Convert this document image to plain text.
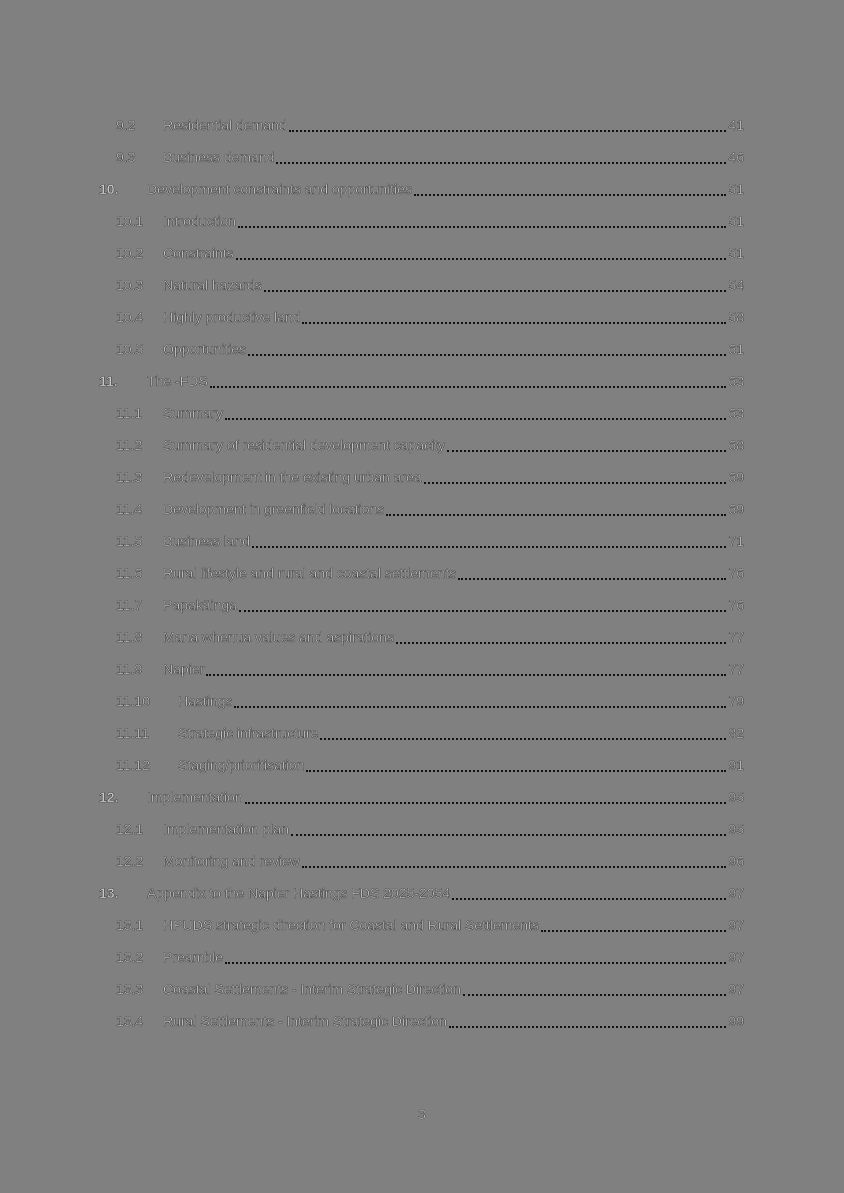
9.2	Residential demand	41
9.3	Business demand	46
10.	Development constraints and opportunities	51
10.1	Introduction	51
10.2	Constraints	51
10.3	Natural hazards	54
10.4	Highly productive land	58
10.5	Opportunities	61
11.	The -FDS	63
11.1	Summary	63
11.2	Summary of residential development capacity	68
11.3	Redevelopment in the existing urban area	69
11.4	Development in greenfield locations	69
11.5	Business land	71
11.6	Rural lifestyle and rural and coastal settlements	76
11.7	Papakāinga	76
11.8	Mana whenua values and aspirations	77
11.9	Napier	77
11.10	Hastings	79
11.11	Strategic infrastructure	82
11.12	Staging/prioritisation	91
12.	Implementation	95
12.1	Implementation plan	95
12.2	Monitoring and review	96
13.	Appendix to the Napier Hastings FDS 2025-2054	97
13.1	HPUDS strategic direction for Coastal and Rural Settlements	97
13.2	Preamble	97
13.3	Coastal Settlements - Interim Strategic Direction	97
13.4	Rural Settlements - Interim Strategic Direction	99
3
